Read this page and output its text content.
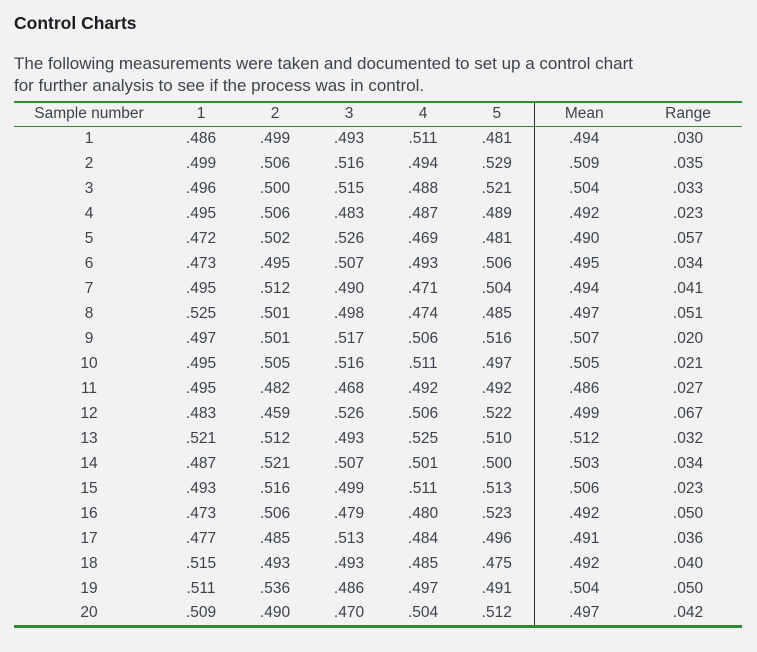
Control Charts

The following measurements were taken and documented to set up a control chart
for further analysis to see if the process was in control.

Sample number	1	2	3	4	5	Mean	Range
1	.486	.499	.493	.511	.481	.494	.030
2	.499	.506	.516	.494	.529	.509	.035
3	.496	.500	.515	.488	.521	.504	.033
4	.495	.506	.483	.487	.489	.492	.023
5	.472	.502	.526	.469	.481	.490	.057
6	.473	.495	.507	.493	.506	.495	.034
7	.495	.512	.490	.471	.504	.494	.041
8	.525	.501	.498	.474	.485	.497	.051
9	.497	.501	.517	.506	.516	.507	.020
10	.495	.505	.516	.511	.497	.505	.021
11	.495	.482	.468	.492	.492	.486	.027
12	.483	.459	.526	.506	.522	.499	.067
13	.521	.512	.493	.525	.510	.512	.032
14	.487	.521	.507	.501	.500	.503	.034
15	.493	.516	.499	.511	.513	.506	.023
16	.473	.506	.479	.480	.523	.492	.050
17	.477	.485	.513	.484	.496	.491	.036
18	.515	.493	.493	.485	.475	.492	.040
19	.511	.536	.486	.497	.491	.504	.050
20	.509	.490	.470	.504	.512	.497	.042
